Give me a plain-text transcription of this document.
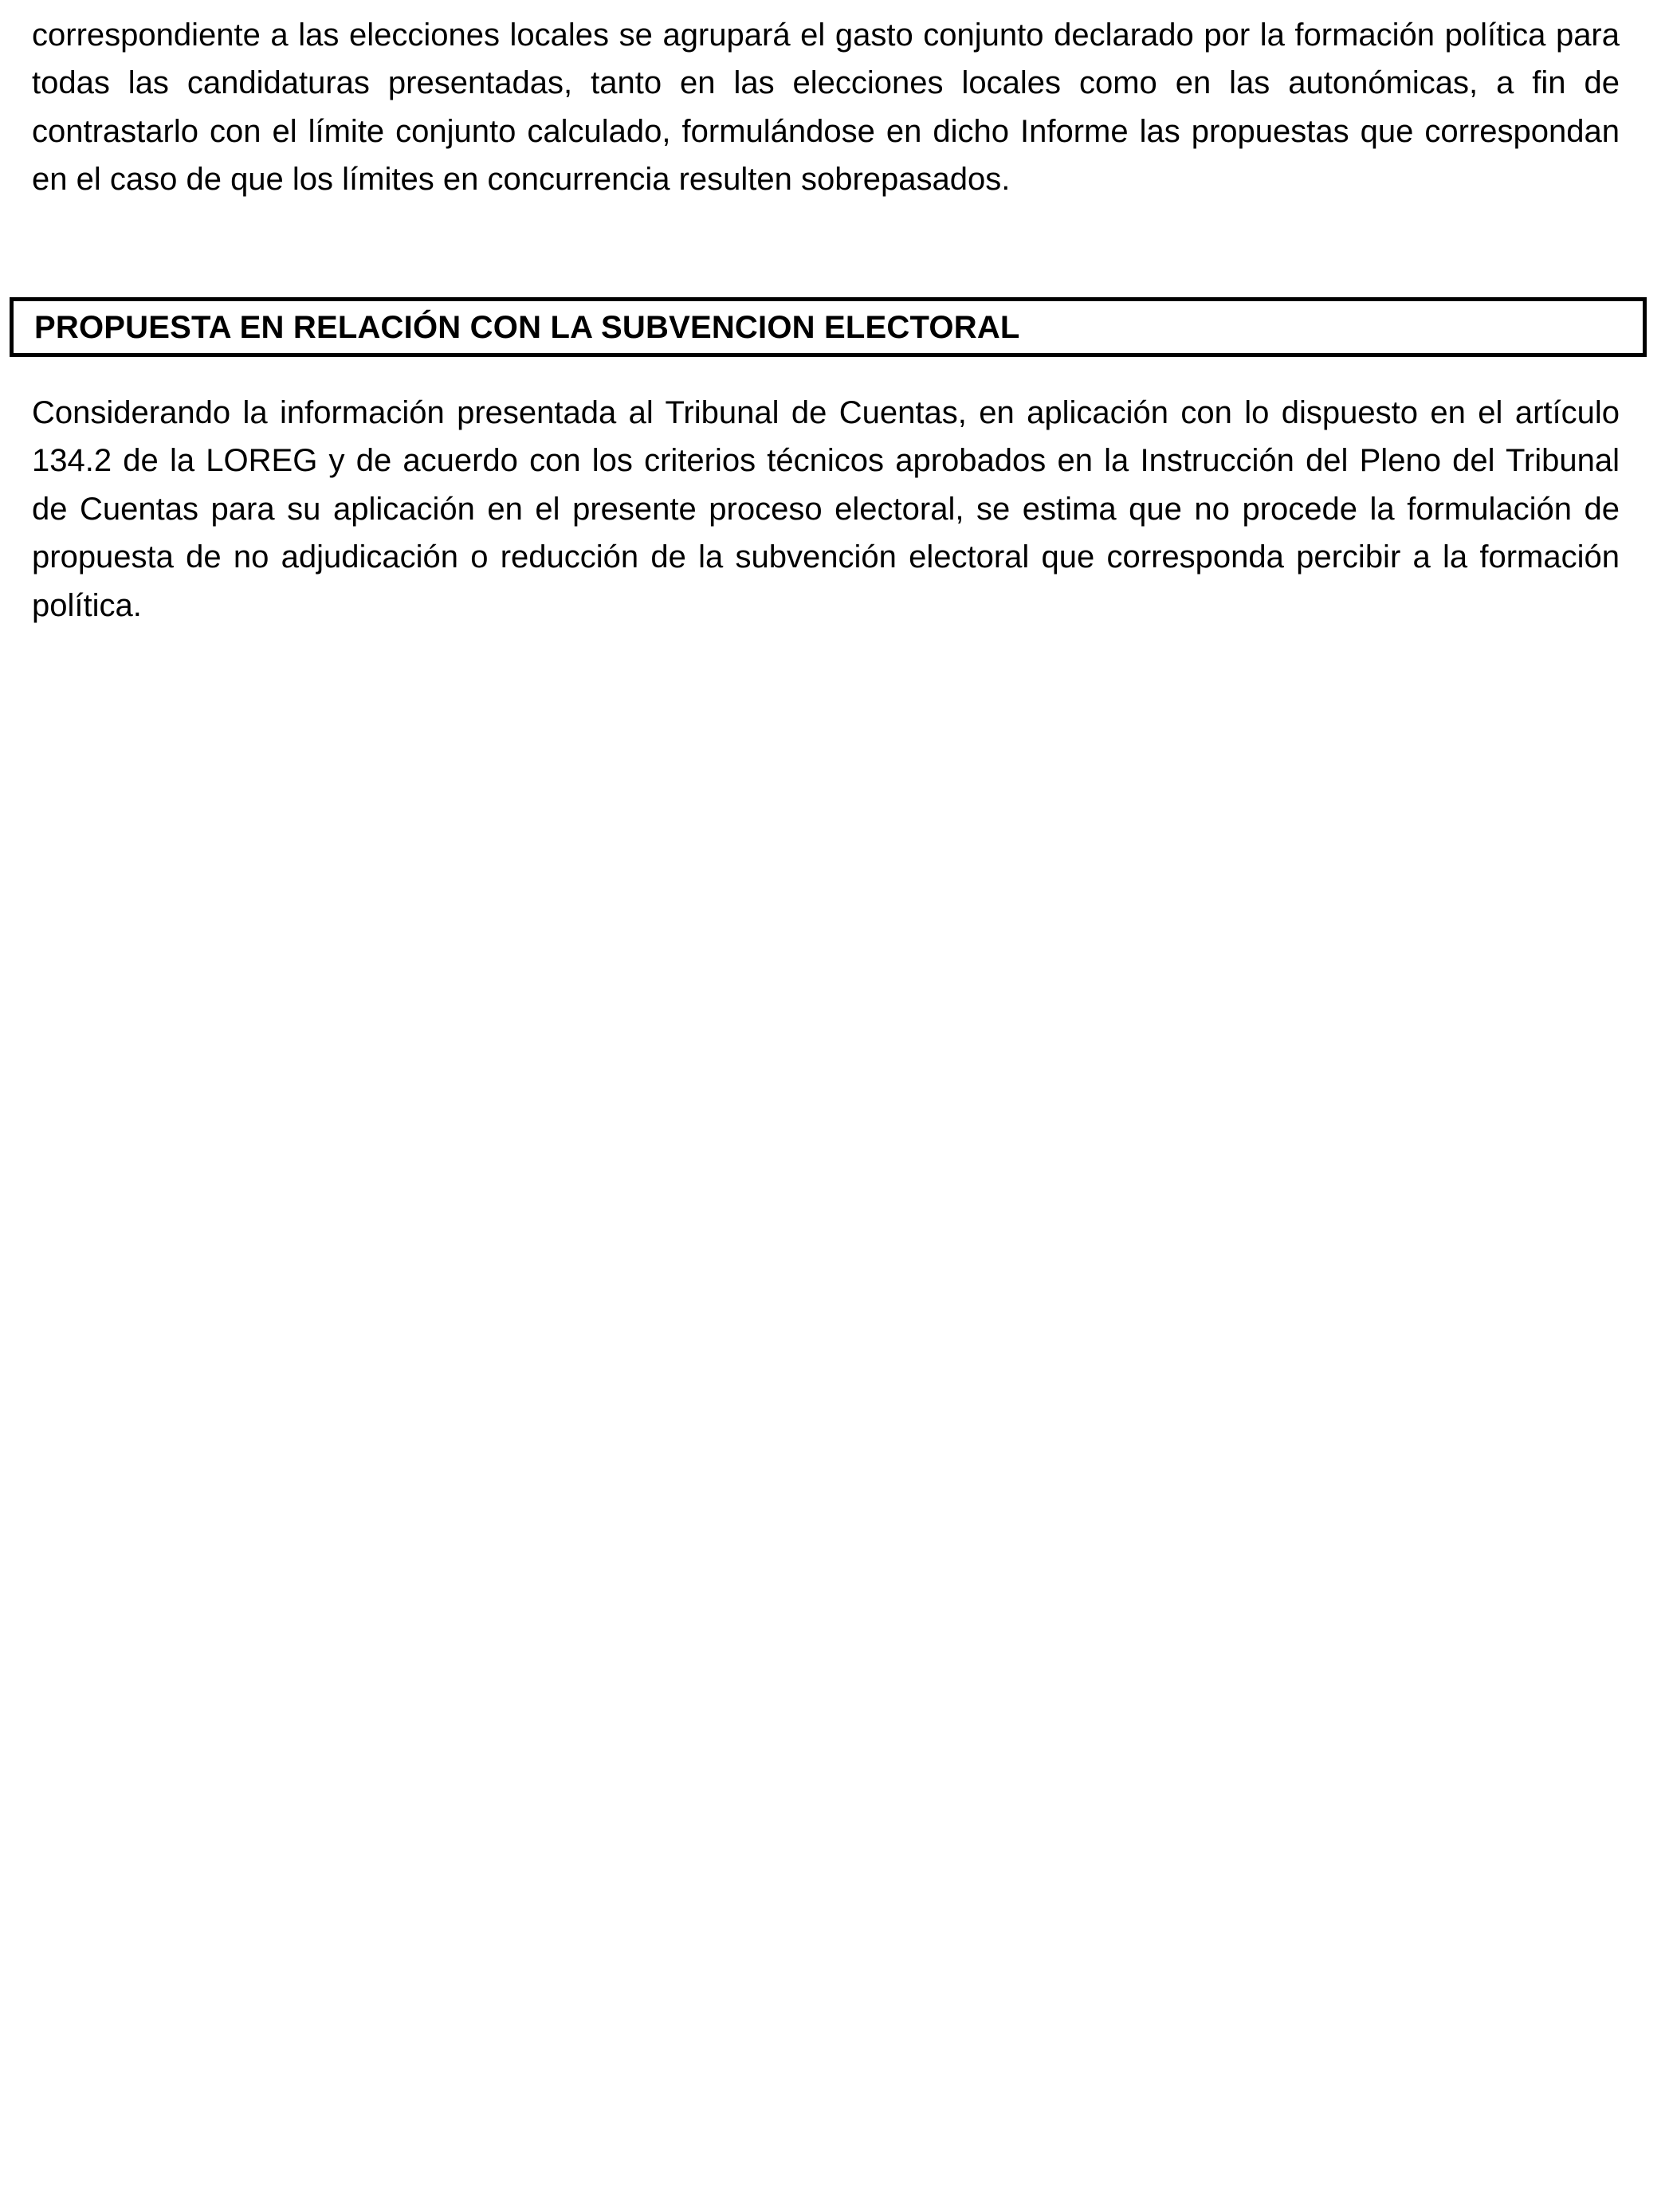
correspondiente a las elecciones locales se agrupará el gasto conjunto declarado por la formación política para todas las candidaturas presentadas, tanto en las elecciones locales como en las autonómicas, a fin de contrastarlo con el límite conjunto calculado, formulándose en dicho Informe las propuestas que correspondan en el caso de que los límites en concurrencia resulten sobrepasados.

PROPUESTA EN RELACIÓN CON LA SUBVENCION ELECTORAL

Considerando la información presentada al Tribunal de Cuentas, en aplicación con lo dispuesto en el artículo 134.2 de la LOREG y de acuerdo con los criterios técnicos aprobados en la Instrucción del Pleno del Tribunal de Cuentas para su aplicación en el presente proceso electoral, se estima que no procede la formulación de propuesta de no adjudicación o reducción de la subvención electoral que corresponda percibir a la formación política.
